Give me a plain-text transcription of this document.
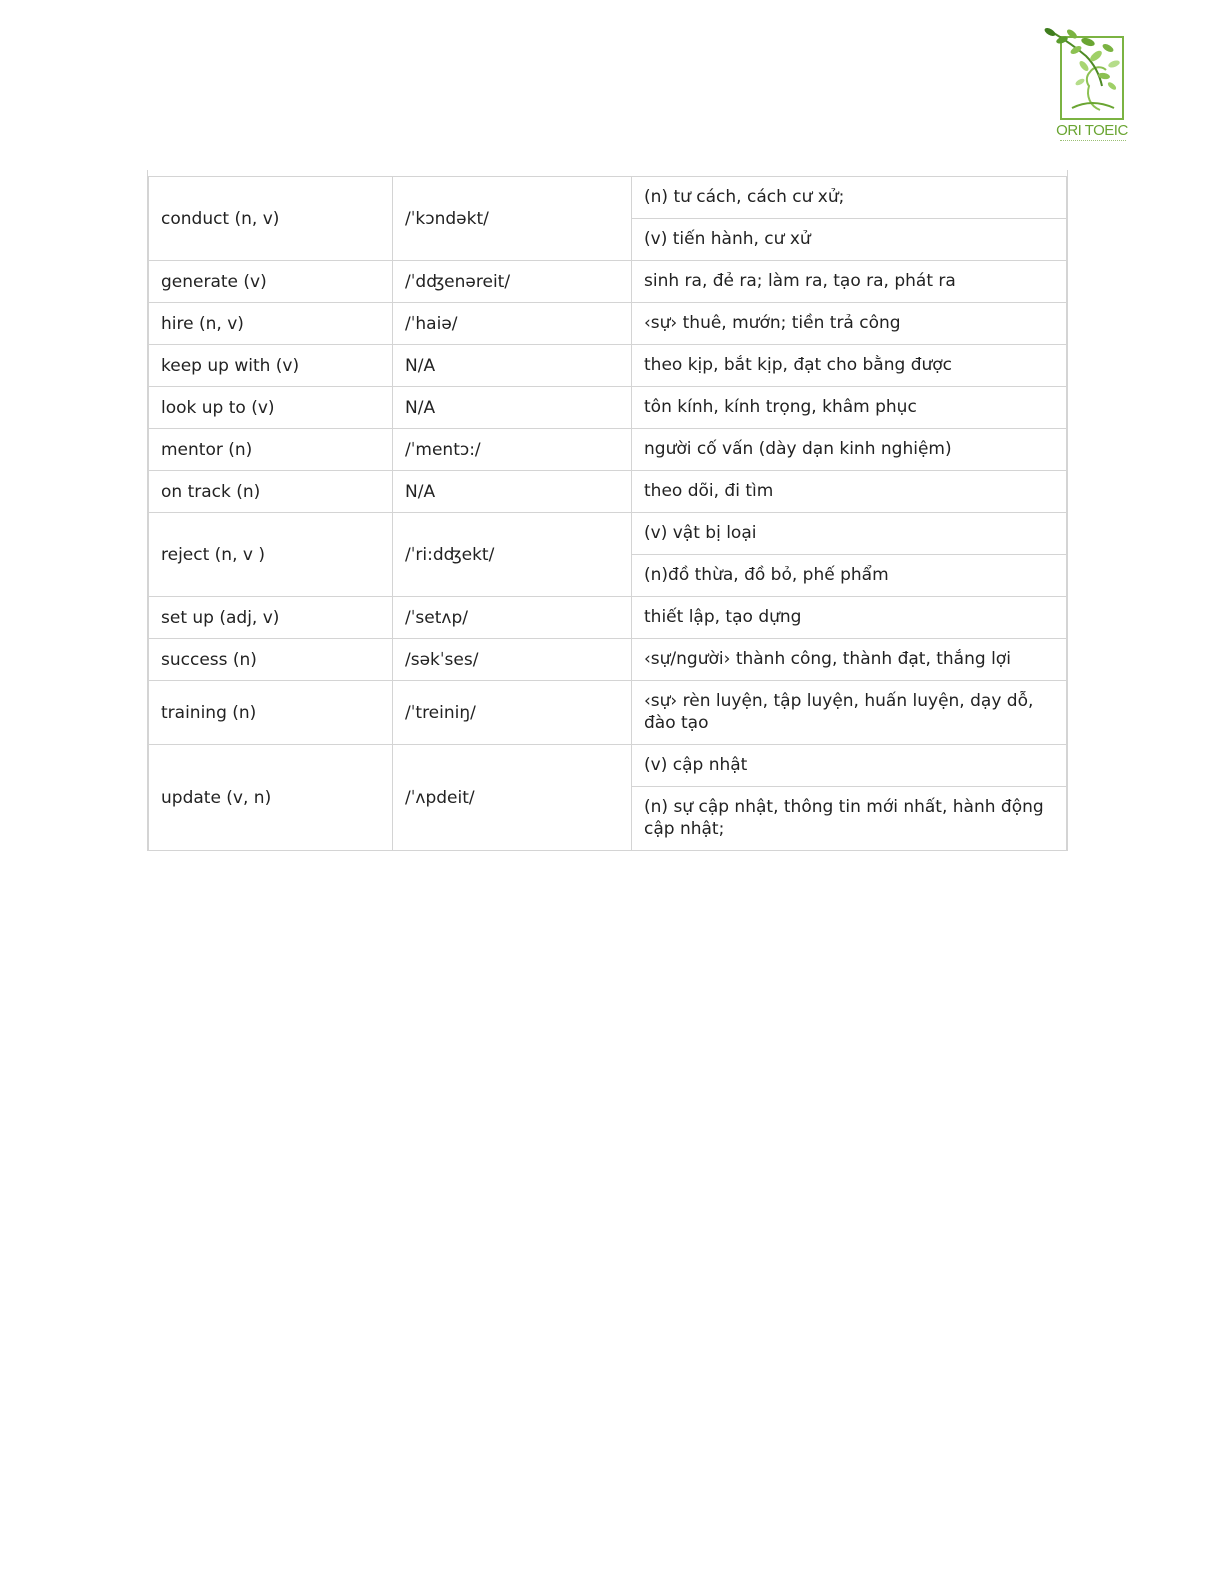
ORI TOEIC
conduct (n, v)	/ˈkɔndəkt/	(n) tư cách, cách cư xử;
		(v) tiến hành, cư xử
generate (v)	/ˈdʤenəreit/	sinh ra, đẻ ra; làm ra, tạo ra, phát ra
hire (n, v)	/ˈhaiə/	‹sự› thuê, mướn; tiền trả công
keep up with (v)	N/A	theo kịp, bắt kịp, đạt cho bằng được
look up to (v)	N/A	tôn kính, kính trọng, khâm phục
mentor (n)	/ˈmentɔ:/	người cố vấn (dày dạn kinh nghiệm)
on track (n)	N/A	theo dõi, đi tìm
reject (n, v )	/ˈri:dʤekt/	(v) vật bị loại
		(n)đồ thừa, đồ bỏ, phế phẩm
set up (adj, v)	/ˈsetʌp/	thiết lập, tạo dựng
success (n)	/səkˈses/	‹sự/người› thành công, thành đạt, thắng lợi
training (n)	/ˈtreiniŋ/	‹sự› rèn luyện, tập luyện, huấn luyện, dạy dỗ, đào tạo
update (v, n)	/ˈʌpdeit/	(v) cập nhật
		(n) sự cập nhật, thông tin mới nhất, hành động cập nhật;
